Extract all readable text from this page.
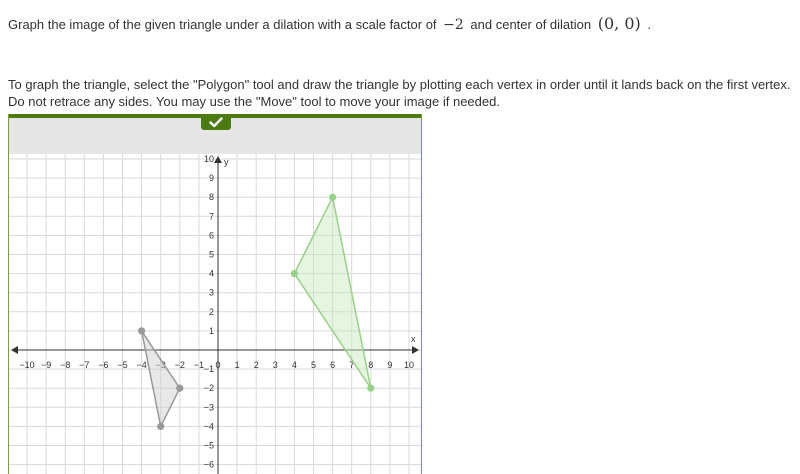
Graph the image of the given triangle under a dilation with a scale factor of −2 and center of dilation (0, 0) .
To graph the triangle, select the "Polygon" tool and draw the triangle by plotting each vertex in order until it lands back on the first vertex. Do not retrace any sides. You may use the "Move" tool to move your image if needed.
x
y
−10 −9 −8 −7 −6 −5 −4 −3 −2 −1 0 1 2 3 4 5 6 7 8 9 10
1
2
3
4
5
6
7
8
9
10
−1
−2
−3
−4
−5
−6
